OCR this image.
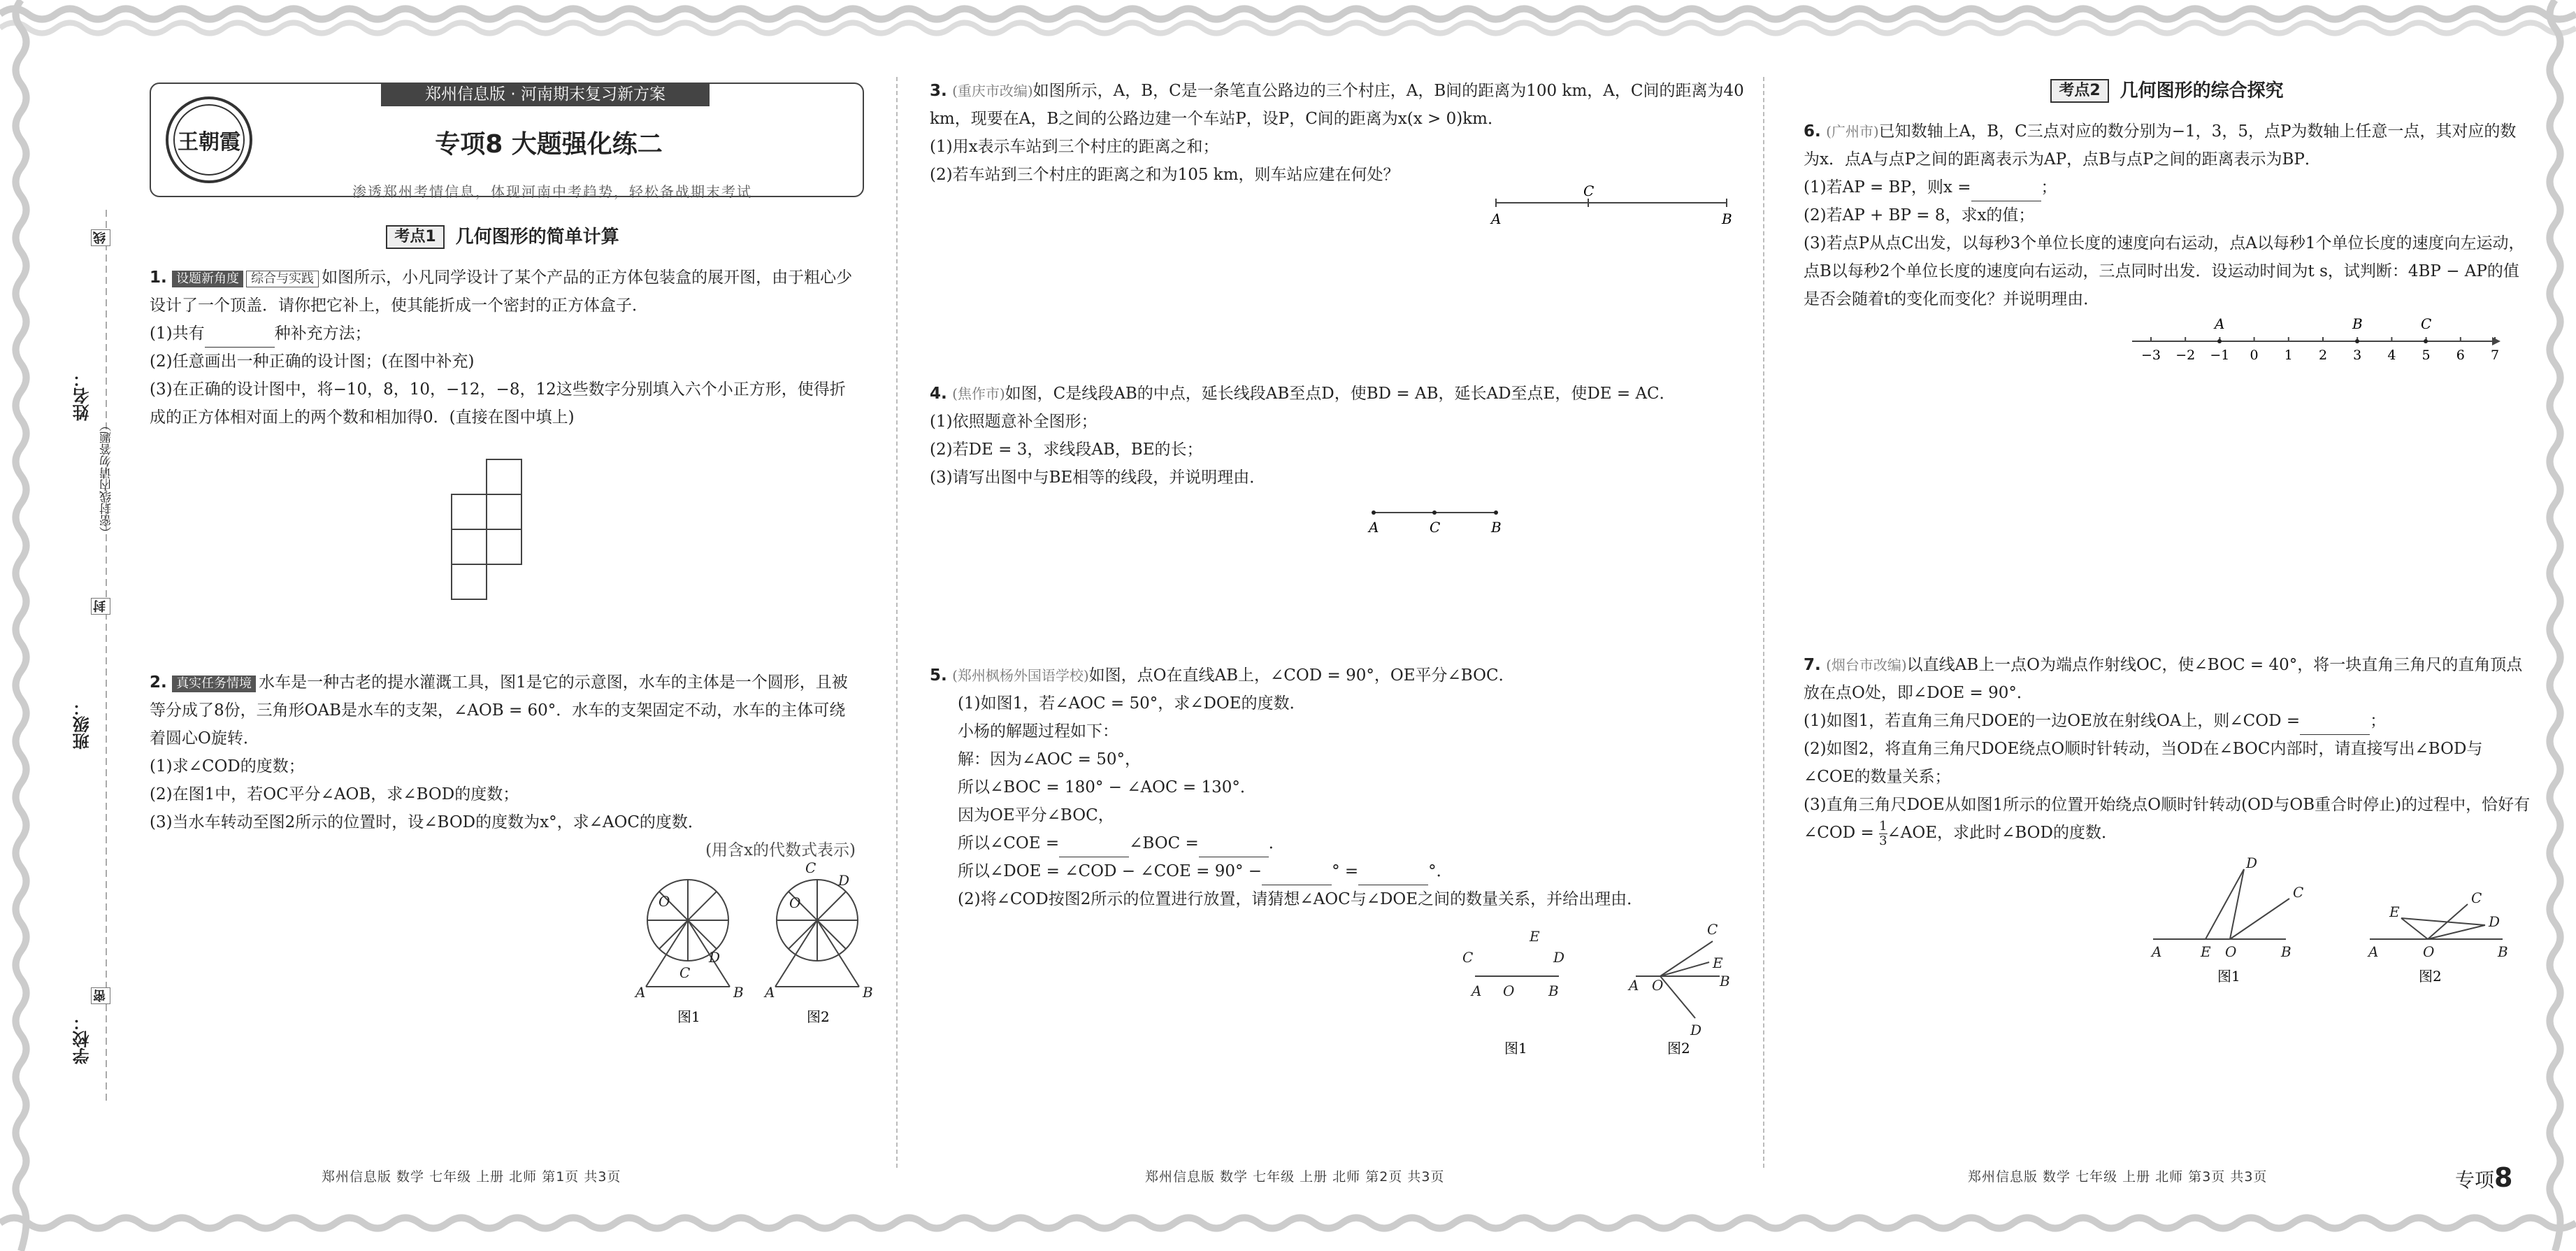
线
姓名：
（密封线内请勿答题）
封
班级：
密
学校：
王朝霞
郑州信息版 · 河南期末复习新方案
专项8 大题强化练二
渗透郑州考情信息，体现河南中考趋势，轻松备战期末考试
考点1	几何图形的简单计算

1. 设题新角度 综合与实践 如图所示，小凡同学设计了某个产品的正方体包装盒的展开图，由于粗心少设计了一个顶盖．请你把它补上，使其能折成一个密封的正方体盒子．

(1)共有	种补充方法；

(2)任意画出一种正确的设计图；(在图中补充)

(3)在正确的设计图中，将−10，8，10，−12，−8，12这些数字分别填入六个小正方形，使得折成的正方体相对面上的两个数和相加得0．(直接在图中填上)

2. 真实任务情境 水车是一种古老的提水灌溉工具，图1是它的示意图，水车的主体是一个圆形，且被等分成了8份，三角形OAB是水车的支架，∠AOB = 60°．水车的支架固定不动，水车的主体可绕着圆心O旋转．

(1)求∠COD的度数；

(2)在图1中，若OC平分∠AOB，求∠BOD的度数；

(3)当水车转动至图2所示的位置时，设∠BOD的度数为x°，求∠AOC的度数．

(用含x的代数式表示)

O
A	B
D
C
C
D
O
A	B
图1	图2

3. (重庆市改编)如图所示，A，B，C是一条笔直公路边的三个村庄，A，B间的距离为100 km，A，C间的距离为40 km，现要在A，B之间的公路边建一个车站P，设P，C间的距离为x(x > 0)km．

(1)用x表示车站到三个村庄的距离之和；

(2)若车站到三个村庄的距离之和为105 km，则车站应建在何处？

A
C
B

4. (焦作市)如图，C是线段AB的中点，延长线段AB至点D，使BD = AB，延长AD至点E，使DE = AC．

(1)依照题意补全图形；

(2)若DE = 3，求线段AB，BE的长；

(3)请写出图中与BE相等的线段，并说明理由．

A	C	B

5. (郑州枫杨外国语学校)如图，点O在直线AB上，∠COD = 90°，OE平分∠BOC．

(1)如图1，若∠AOC = 50°，求∠DOE的度数．

小杨的解题过程如下：

解：因为∠AOC = 50°，

所以∠BOC = 180° − ∠AOC = 130°．

因为OE平分∠BOC，

所以∠COE =	∠BOC =	．

所以∠DOE = ∠COD − ∠COE = 90° −	° =	°．

(2)将∠COD按图2所示的位置进行放置，请猜想∠AOC与∠DOE之间的数量关系，并给出理由．

C
E
D
A O B
C
E
B
A O
D
图1	图2
考点2	几何图形的综合探究

6. (广州市)已知数轴上A，B，C三点对应的数分别为−1，3，5，点P为数轴上任意一点，其对应的数为x．点A与点P之间的距离表示为AP，点B与点P之间的距离表示为BP．

(1)若AP = BP，则x =	；

(2)若AP + BP = 8，求x的值；

(3)若点P从点C出发，以每秒3个单位长度的速度向右运动，点A以每秒1个单位长度的速度向左运动，点B以每秒2个单位长度的速度向右运动，三点同时出发．设运动时间为t s，试判断：4BP − AP的值是否会随着t的变化而变化？并说明理由．

−3 −2 −1 0 1 2 3 4 5 6 7
A	B	C

7. (烟台市改编)以直线AB上一点O为端点作射线OC，使∠BOC = 40°，将一块直角三角尺的直角顶点放在点O处，即∠DOE = 90°．

(1)如图1，若直角三角尺DOE的一边OE放在射线OA上，则∠COD =	；

(2)如图2，将直角三角尺DOE绕点O顺时针转动，当OD在∠BOC内部时，请直接写出∠BOD与∠COE的数量关系；

(3)直角三角尺DOE从如图1所示的位置开始绕点O顺时针转动(OD与OB重合时停止)的过程中，恰好有∠COD = $\frac{1}{3}$ ∠AOE，求此时∠BOD的度数．

D
C
A	E O	B
C
D
E
A	O	B
图1	图2
郑州信息版 数学 七年级 上册 北师 第1页 共3页	郑州信息版 数学 七年级 上册 北师 第2页 共3页	郑州信息版 数学 七年级 上册 北师 第3页 共3页	专项8
